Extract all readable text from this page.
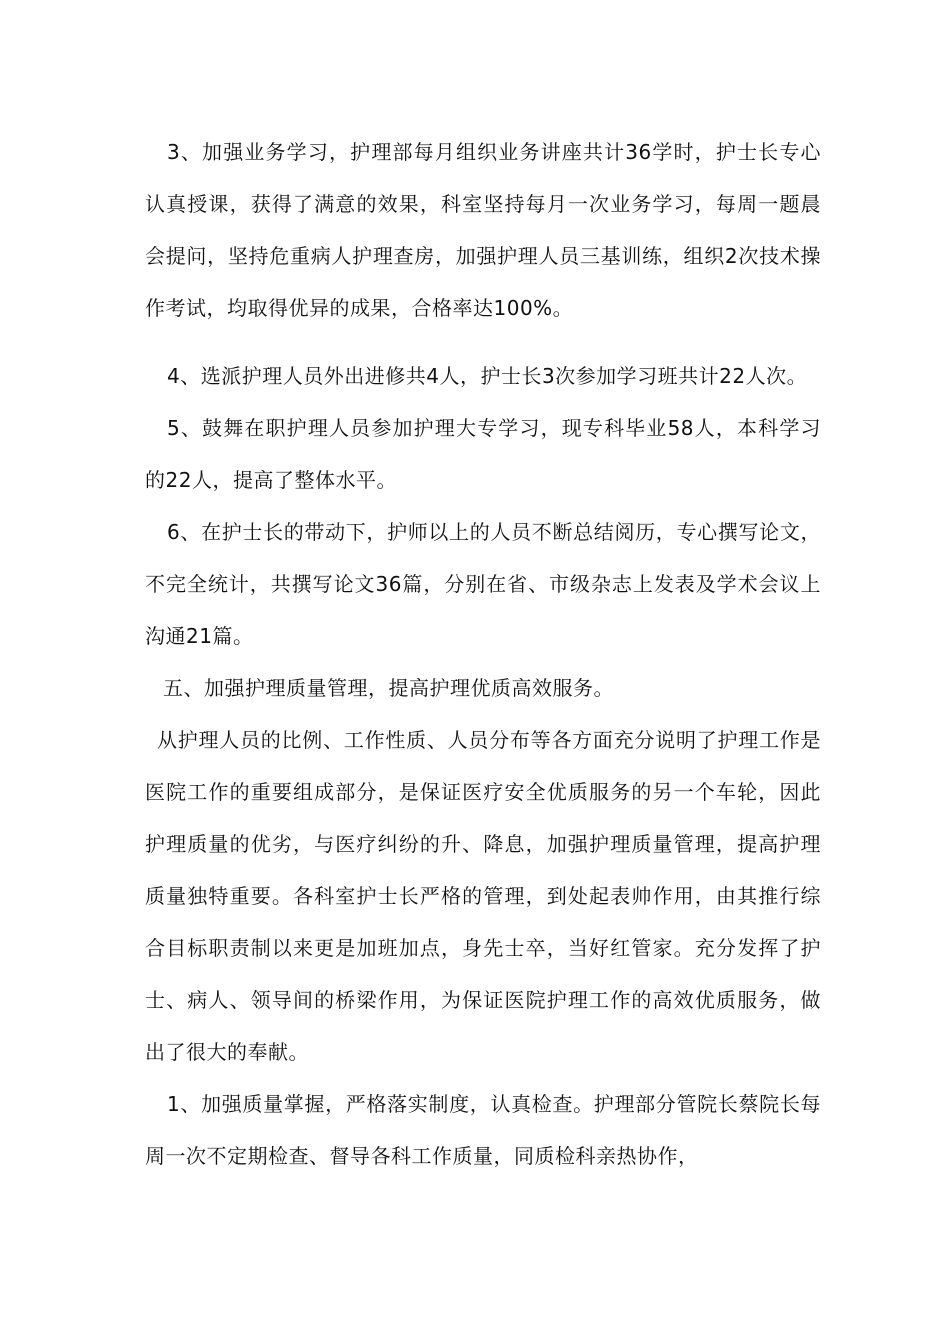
3、加强业务学习，护理部每月组织业务讲座共计36学时，护士长专心认真授课，获得了满意的效果，科室坚持每月一次业务学习，每周一题晨会提问，坚持危重病人护理查房，加强护理人员三基训练，组织2次技术操作考试，均取得优异的成果，合格率达100%。

4、选派护理人员外出进修共4人，护士长3次参加学习班共计22人次。

5、鼓舞在职护理人员参加护理大专学习，现专科毕业58人，本科学习的22人，提高了整体水平。

6、在护士长的带动下，护师以上的人员不断总结阅历，专心撰写论文，不完全统计，共撰写论文36篇，分别在省、市级杂志上发表及学术会议上沟通21篇。

五、加强护理质量管理，提高护理优质高效服务。

从护理人员的比例、工作性质、人员分布等各方面充分说明了护理工作是医院工作的重要组成部分，是保证医疗安全优质服务的另一个车轮，因此护理质量的优劣，与医疗纠纷的升、降息，加强护理质量管理，提高护理质量独特重要。各科室护士长严格的管理，到处起表帅作用，由其推行综合目标职责制以来更是加班加点，身先士卒，当好红管家。充分发挥了护士、病人、领导间的桥梁作用，为保证医院护理工作的高效优质服务，做出了很大的奉献。

1、加强质量掌握，严格落实制度，认真检查。护理部分管院长蔡院长每周一次不定期检查、督导各科工作质量，同质检科亲热协作，
